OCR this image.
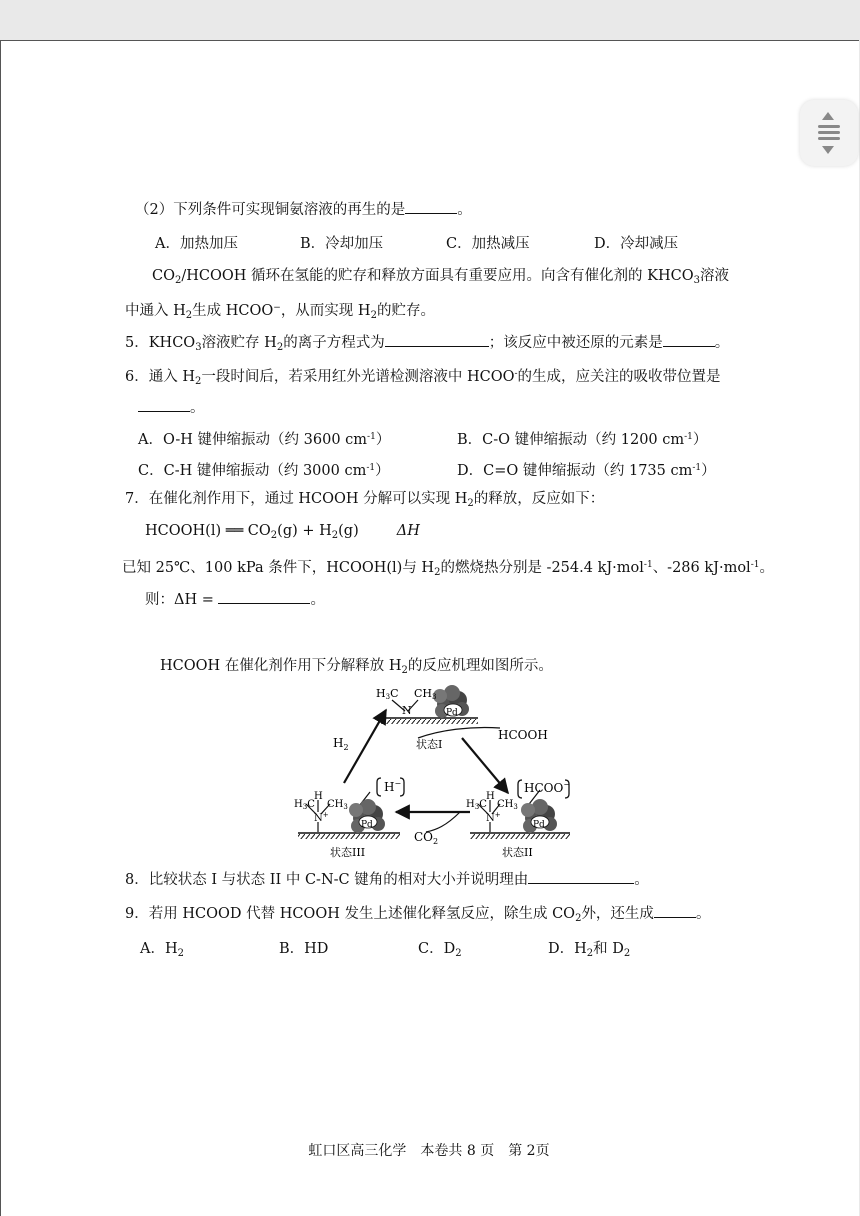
（2）下列条件可实现铜氨溶液的再生的是	。
A．加热加压	B．冷却加压	C．加热减压	D．冷却减压
$CO_2$/HCOOH 循环在氢能的贮存和释放方面具有重要应用。向含有催化剂的 $KHCO_3$溶液
中通入 $H_2$生成 HCOO−，从而实现 $H_2$的贮存。
5．$KHCO_3$溶液贮存 $H_2$的离子方程式为	；该反应中被还原的元素是	。
6．通入 $H_2$一段时间后，若采用红外光谱检测溶液中 HCOO-的生成，应关注的吸收带位置是
。
A．O-H 键伸缩振动（约 3600 $cm^{-1}$）	B．C-O 键伸缩振动（约 1200 $cm^{-1}$）
C．C-H 键伸缩振动（约 3000 $cm^{-1}$）	D．C=O 键伸缩振动（约 1735 $cm^{-1}$）
7．在催化剂作用下，通过 HCOOH 分解可以实现 $H_2$的释放，反应如下：
HCOOH(l) ══ $CO_2(g) + H_2(g)$	ΔH
已知 25℃、100 kPa 条件下，HCOOH(l)与 $H_2$的燃烧热分别是 -254.4 kJ·mol$^{-1}$、-286 kJ·mol$^{-1}$。
则：ΔH =	。
HCOOH 在催化剂作用下分解释放 $H_2$的反应机理如图所示。
H3C CH3
N	Pd
状态I
$H_2$
HCOOH
H
$H_3C$ $CH_3$
N+
Pd
HCOO−
状态II
H
$H_3C$ $CH_3$
N+
Pd
H−
状态III
$CO_2$
8．比较状态 I 与状态 II 中 C-N-C 键角的相对大小并说明理由	。
9．若用 HCOOD 代替 HCOOH 发生上述催化释氢反应，除生成 $CO_2$外，还生成	。
A．$H_2$	B．HD	C．$D_2$	D．$H_2$和 $D_2$
虹口区高三化学　本卷共 8 页　第 2页
